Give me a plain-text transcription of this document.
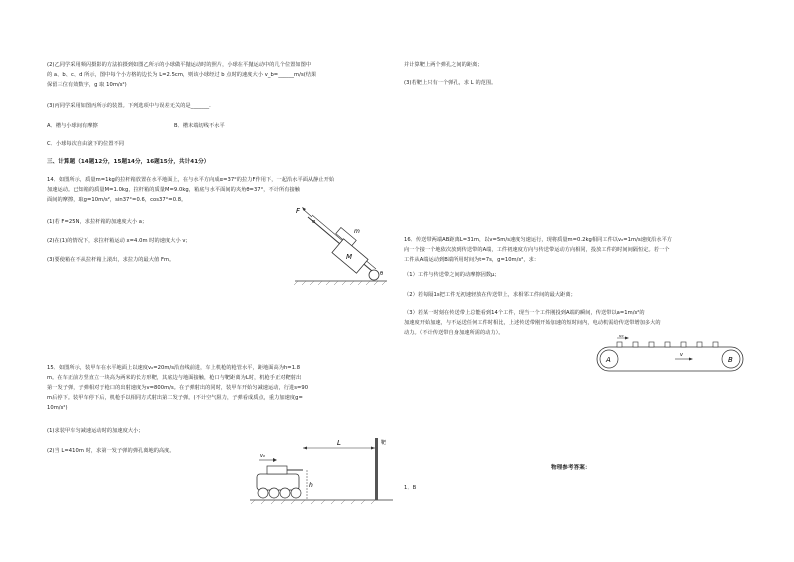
(2)乙同学采用频闪摄影的方法拍摄到如图乙所示的小球做平抛运动时的照片，小球在平抛运动中的几个位置如图中
的 a、b、c、d 所示，图中每个小方格的边长为 L=2.5cm，则该小球经过 b 点时的速度大小 v_b=______m/s(结果
保留三位有效数字，g 取 10m/s²)
(3)丙同学采用如图丙所示的装置。下列选项中与误差无关的是_______.
A．槽与小球间有摩擦	B．槽末端切线不水平
C．小球每次自由滚下的位置不同
三、计算题（14题12分，15题14分，16题15分，共计41分）
14．如图所示，质量m=1kg的拉杆箱放置在水平地面上，在与水平方向成α=37°的拉力F作用下，一起沿水平面从静止开始
加速运动。已知箱的质量M=1.0kg，拉杆箱的质量M=9.0kg，箱底与水平面间的夹角θ=37°，不计所有接触
面间的摩擦，取g=10m/s²，sin37°=0.6，cos37°=0.8。
(1)若 F=25N，求拉杆箱的加速度大小 a；
(2)在(1)的情况下，求拉杆箱运动 x=4.0m 时的速度大小 v；
(3)要使箱在不从拉杆箱上滚出，求拉力的最大值 Fm。
F
α
m
M
θ
15．如图所示，装甲车在水平地面上以速度v₀=20m/s沿直线前进，车上机枪的枪管水平，距地面高为h=1.8
m。在车正前方竖直立一块高为两米的长方形靶，其底边与地面接触，枪口与靶距离为L时，机枪手正对靶射出
第一发子弹，子弹相对于枪口的出射速度为v=800m/s。在子弹射出的同时，装甲车开始匀减速运动，行进s=90
m后停下。装甲车停下后，机枪手以相同方式射出第二发子弹。(不计空气阻力，子弹看成质点，重力加速度g=
10m/s²)
(1)求装甲车匀减速运动时的加速度大小；
(2)当 L=410m 时，求第一发子弹的弹孔离地的高度。
v₀
h
L	靶
并计算靶上两个弹孔之间的距离；
(3)若靶上只有一个弹孔，求 L 的范围。
16．传送带两端AB距离L=31m，以v=5m/s速度匀速运行，现将质量m=0.2kg相同工件以v₀=1m/s速度沿水平方
向一个接一个地依次放到传送带的A端，工件初速度方向与传送带运动方向相同，投放工件的时间间隔恒定。若一个
工件从A端运动到B端所用时间为t=7s，g=10m/s²，求：
（1）工件与传送带之间的动摩擦因数μ；
（2）若每隔1s把工件无初速轻放在传送带上，求相邻工件间的最大距离；
（3）若某一时刻在传送带上总能看到14个工件，现当一个工件刚投到A端的瞬间，传送带以a=1m/s²的
加速度开始加速，与不运送任何工件时相比，上述传送带刚开始加速的短时间内，电动机需给传送带增加多大的
动力。（不计传送带自身加速所需的动力）。
A	B
v₀
v
物理参考答案：
1．B
